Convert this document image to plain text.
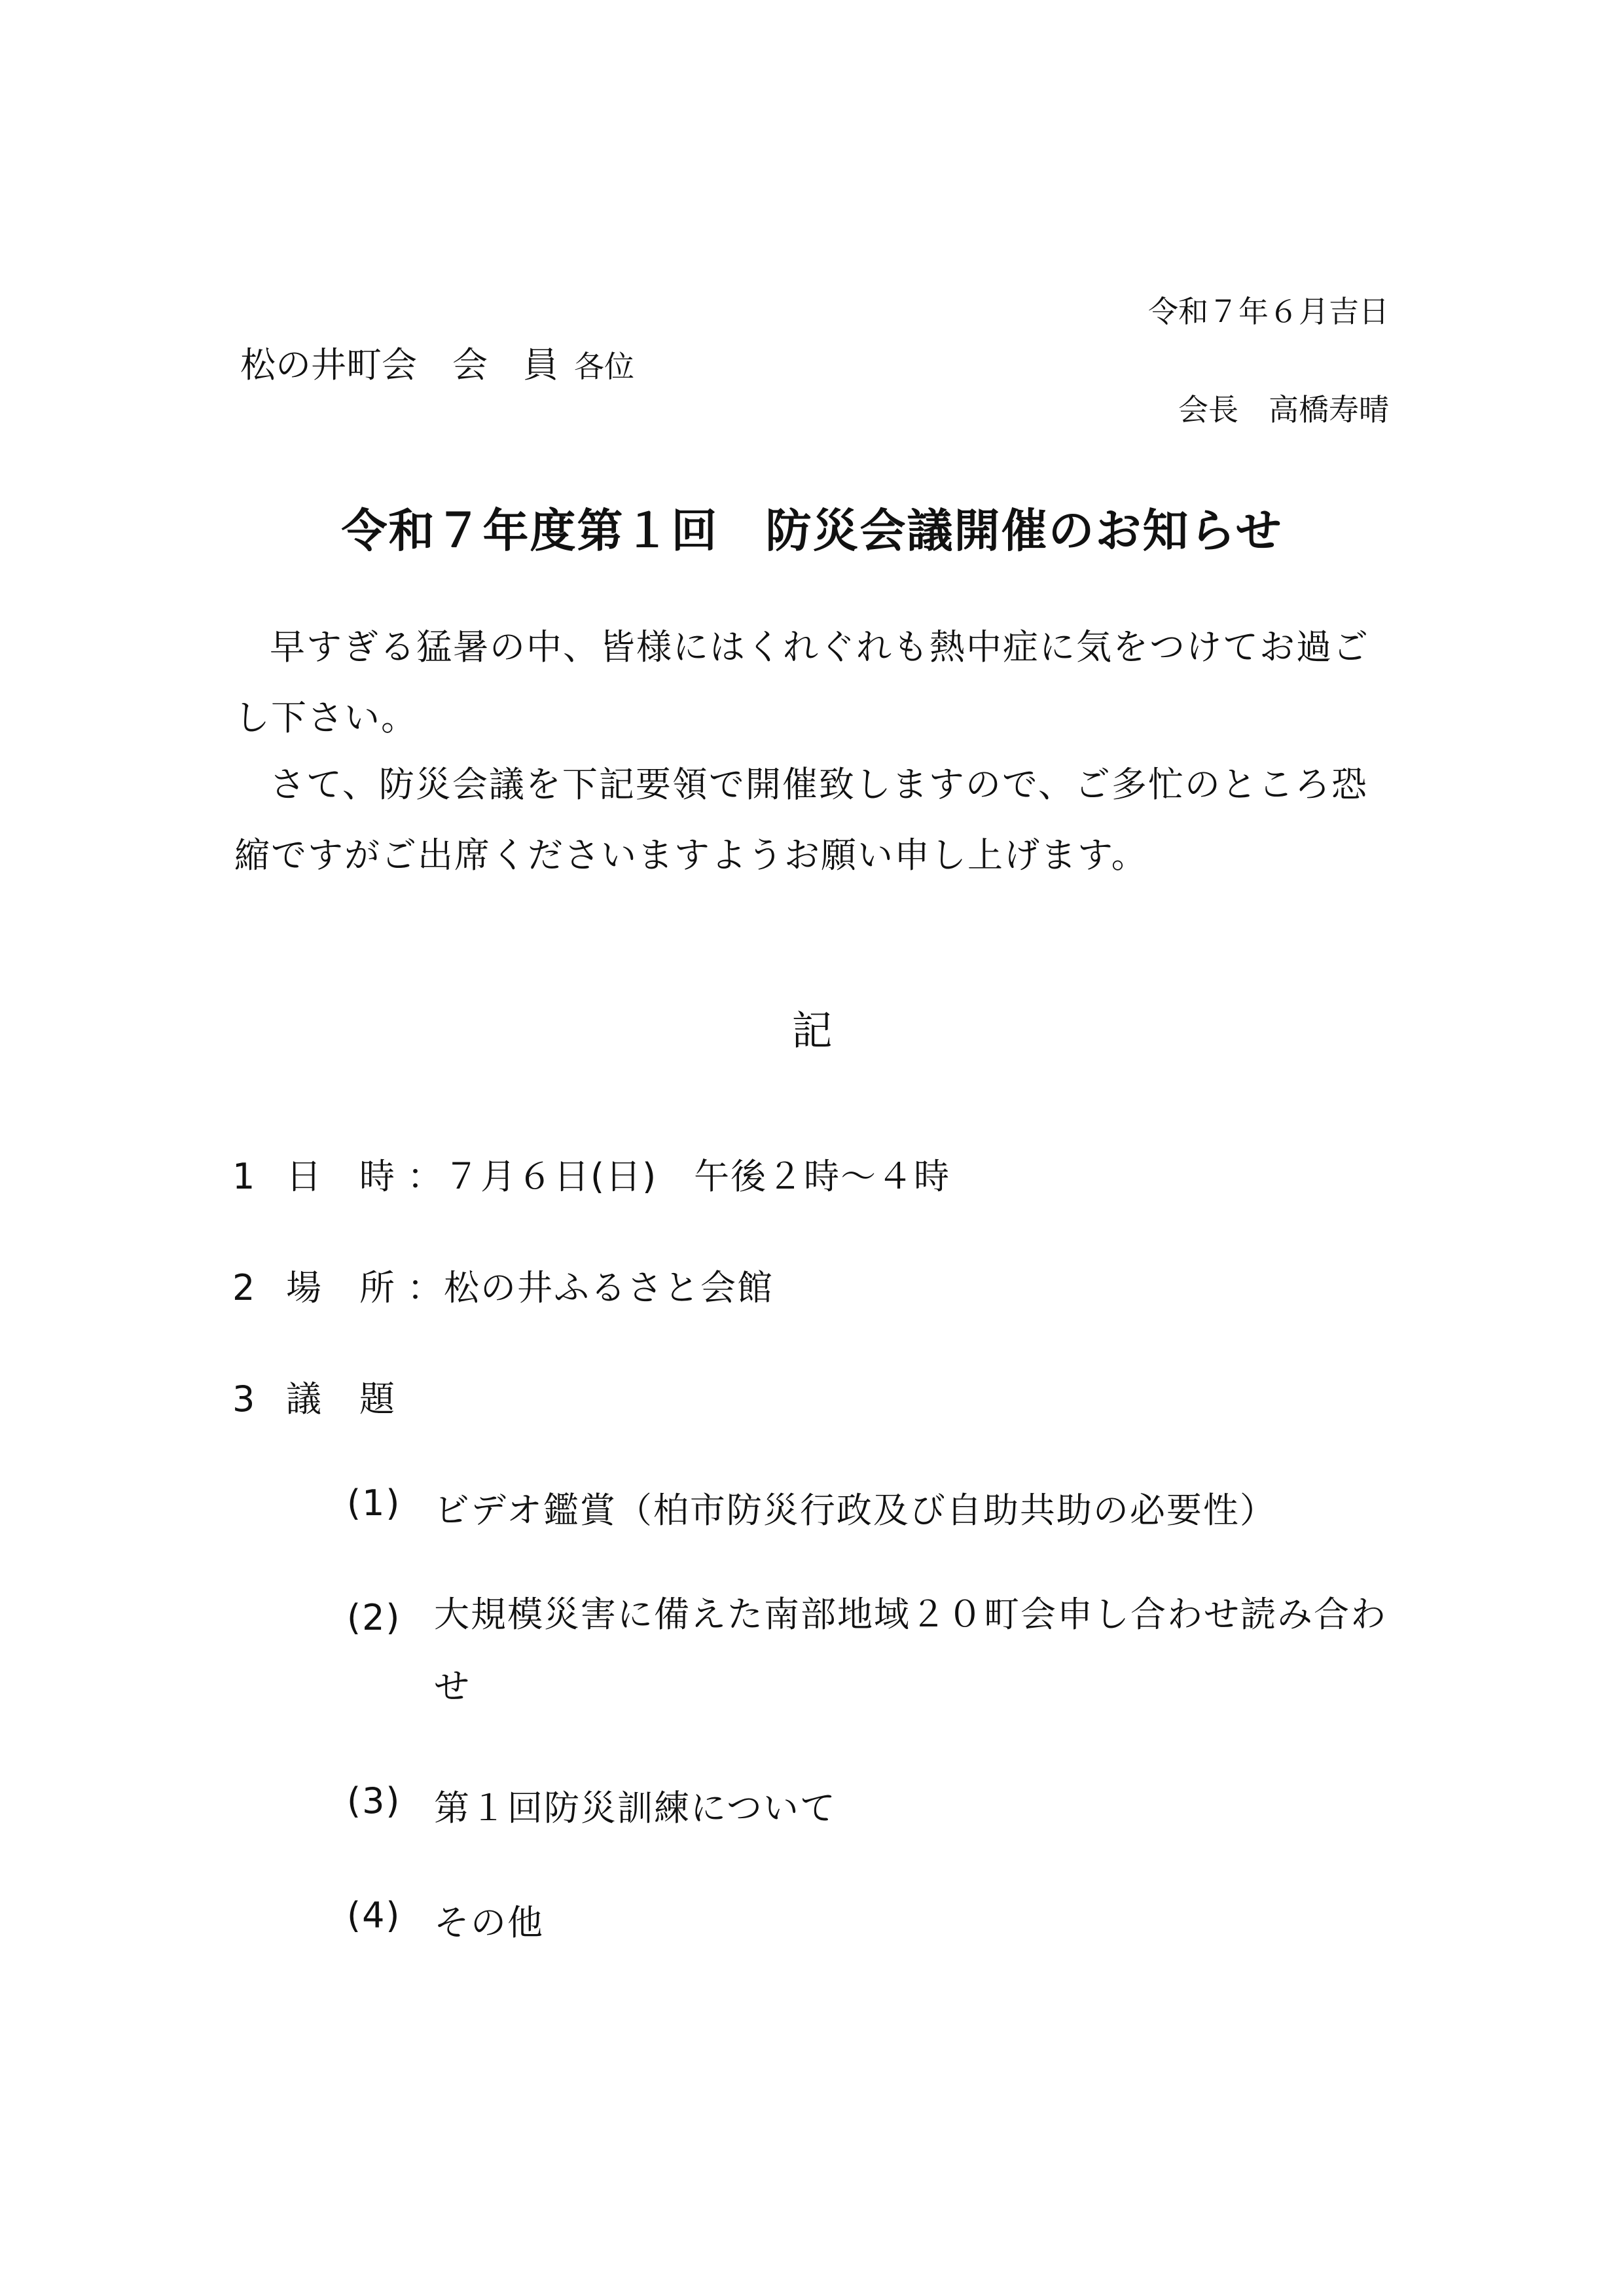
令和７年６月吉日
松の井町会　会　員 各位
会長　高橋寿晴
令和７年度第１回　防災会議開催のお知らせ
早すぎる猛暑の中、皆様にはくれぐれも熱中症に気をつけてお過ごし下さい。
さて、防災会議を下記要領で開催致しますので、ご多忙のところ恐縮ですがご出席くださいますようお願い申し上げます。
記
1 日　時 ：７月６日(日)　午後２時〜４時
2 場　所 ：松の井ふるさと会館
3 議　題
(1) ビデオ鑑賞（柏市防災行政及び自助共助の必要性）
(2) 大規模災害に備えた南部地域２０町会申し合わせ読み合わせ
(3) 第１回防災訓練について
(4) その他
